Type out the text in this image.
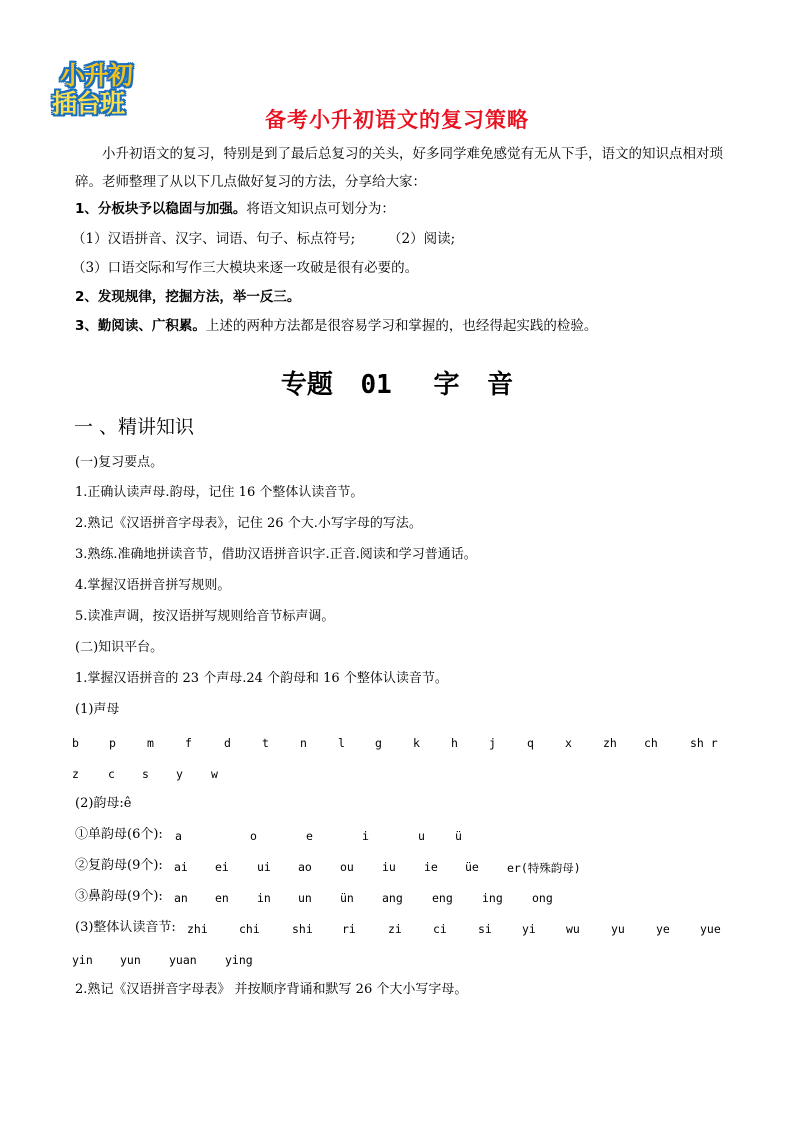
小升初
插台班
备考小升初语文的复习策略
小升初语文的复习，特别是到了最后总复习的关头，好多同学难免感觉有无从下手，语文的知识点相对琐碎。老师整理了从以下几点做好复习的方法，分享给大家：
1、分板块予以稳固与加强。将语文知识点可划分为：
（1）汉语拼音、汉字、词语、句子、标点符号; （2）阅读;
（3）口语交际和写作三大模块来逐一攻破是很有必要的。
2、发现规律，挖掘方法，举一反三。
3、勤阅读、广积累。上述的两种方法都是很容易学习和掌握的，也经得起实践的检验。
专题 01 字 音
一 、精讲知识
(一)复习要点。
1.正确认读声母.韵母，记住 16 个整体认读音节。
2.熟记《汉语拼音字母表》，记住 26 个大.小写字母的写法。
3.熟练.准确地拼读音节，借助汉语拼音识字.正音.阅读和学习普通话。
4.掌握汉语拼音拼写规则。
5.读准声调，按汉语拼写规则给音节标声调。
(二)知识平台。
1.掌握汉语拼音的 23 个声母.24 个韵母和 16 个整体认读音节。
(1)声母
b	p	m	f	d	t	n	l	g	k	h	j	q	x	zh ch	sh r
z	c s y w
(2)韵母:ê
①单韵母(6个): a	o	e	i	u	ü
②复韵母(9个): ai ei ui ao ou iu ie üe er(特殊韵母)
③鼻韵母(9个): an en in un ün ang	eng	ing	ong
(3)整体认读音节: zhi	chi	shi	ri	zi	ci	si	yi	wu	yu	ye	yue
yin yun yuan ying
2.熟记《汉语拼音字母表》 并按顺序背诵和默写 26 个大小写字母。
